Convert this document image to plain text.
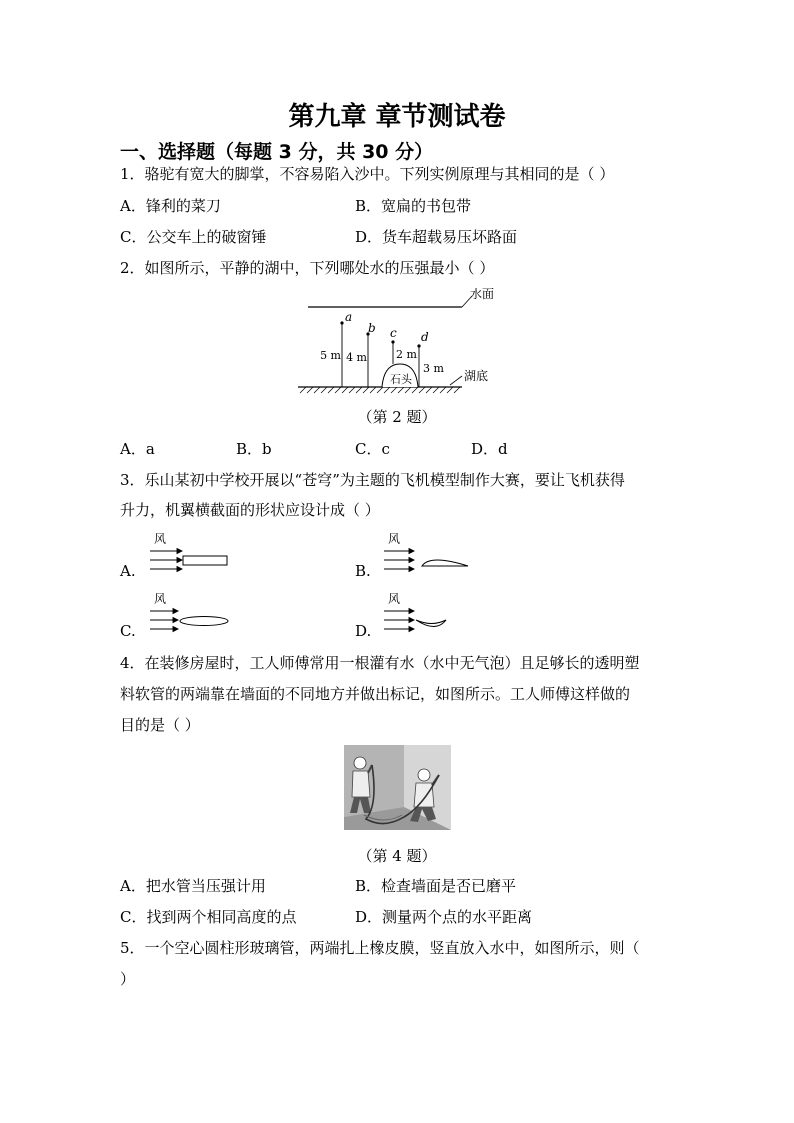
第九章 章节测试卷
一、选择题（每题 3 分，共 30 分）
1．骆驼有宽大的脚掌，不容易陷入沙中。下列实例原理与其相同的是（ ）
A．锋利的菜刀	B．宽扁的书包带
C．公交车上的破窗锤	D．货车超载易压坏路面
2．如图所示，平静的湖中，下列哪处水的压强最小（ ）
水面
湖底
石头
a
5 m
b
4 m
c
2 m
d
3 m
（第 2 题）
A．a	B．b	C．c	D．d
3．乐山某初中学校开展以“苍穹”为主题的飞机模型制作大赛，要让飞机获得
升力，机翼横截面的形状应设计成（ ）
A.
风
B.
风
C.
风
D.
风
4．在装修房屋时，工人师傅常用一根灌有水（水中无气泡）且足够长的透明塑
料软管的两端靠在墙面的不同地方并做出标记，如图所示。工人师傅这样做的
目的是（ ）
（第 4 题）
A．把水管当压强计用	B．检查墙面是否已磨平
C．找到两个相同高度的点	D．测量两个点的水平距离
5．一个空心圆柱形玻璃管，两端扎上橡皮膜，竖直放入水中，如图所示，则（
）
